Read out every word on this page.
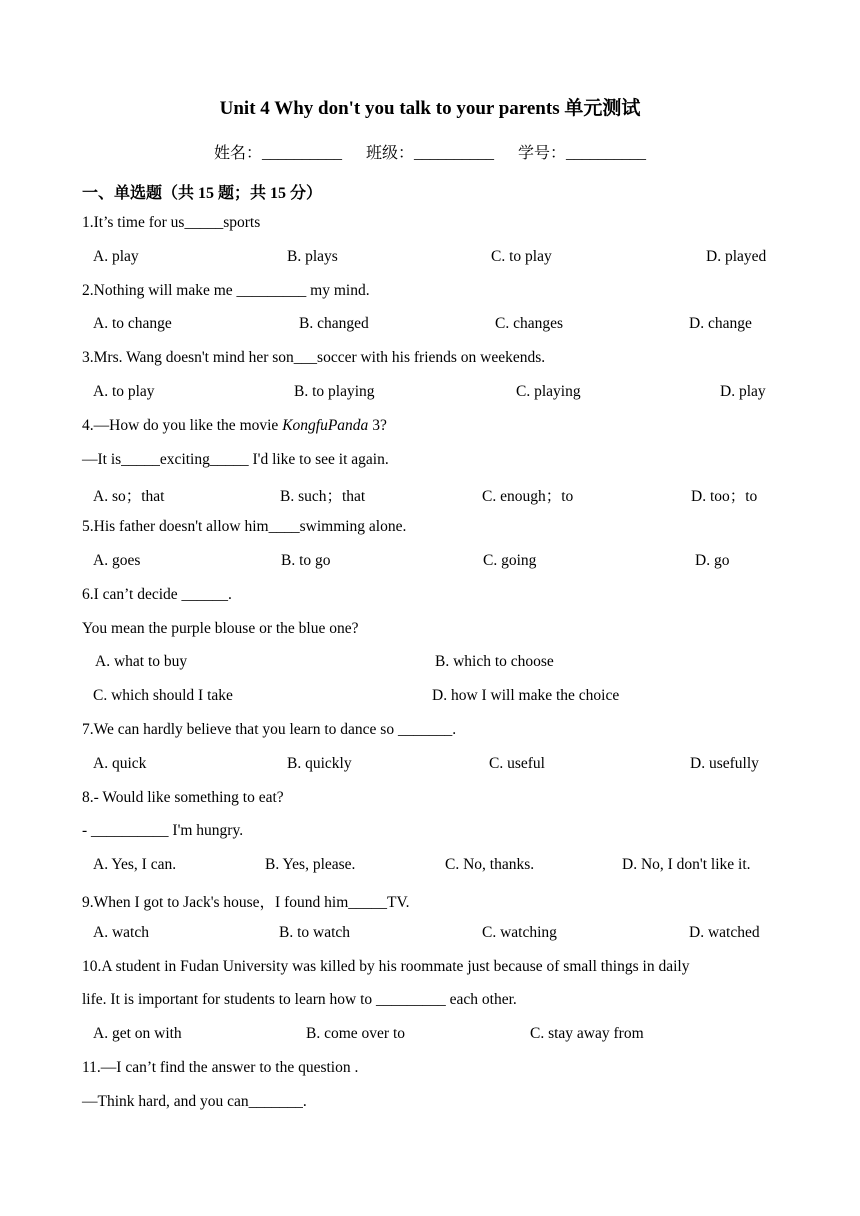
Unit 4 Why don't you talk to your parents 单元测试
姓名：__________ 班级：__________ 学号：__________
一、单选题（共 15 题；共 15 分）
1.It’s time for us_____sports
A. play	B. plays	C. to play	D. played
2.Nothing will make me _________ my mind.
A. to change	B. changed	C. changes	D. change
3.Mrs. Wang doesn't mind her son___soccer with his friends on weekends.
A. to play	B. to playing	C. playing	D. play
4.—How do you like the movie KongfuPanda 3?
—It is_____exciting_____ I'd like to see it again.
A. so；that	B. such；that	C. enough；to	D. too；to
5.His father doesn't allow him____swimming alone.
A. goes	B. to go	C. going	D. go
6.I can’t decide ______.
You mean the purple blouse or the blue one?
A. what to buy	B. which to choose
C. which should I take	D. how I will make the choice
7.We can hardly believe that you learn to dance so _______.
A. quick	B. quickly	C. useful	D. usefully
8.- Would like something to eat?
- __________ I'm hungry.
A. Yes, I can.	B. Yes, please.	C. No, thanks.	D. No, I don't like it.
9.When I got to Jack's house，I found him_____TV.
A. watch	B. to watch	C. watching	D. watched
10.A student in Fudan University was killed by his roommate just because of small things in daily
life. It is important for students to learn how to _________ each other.
A. get on with	B. come over to	C. stay away from
11.—I can’t find the answer to the question .
—Think hard, and you can_______.
